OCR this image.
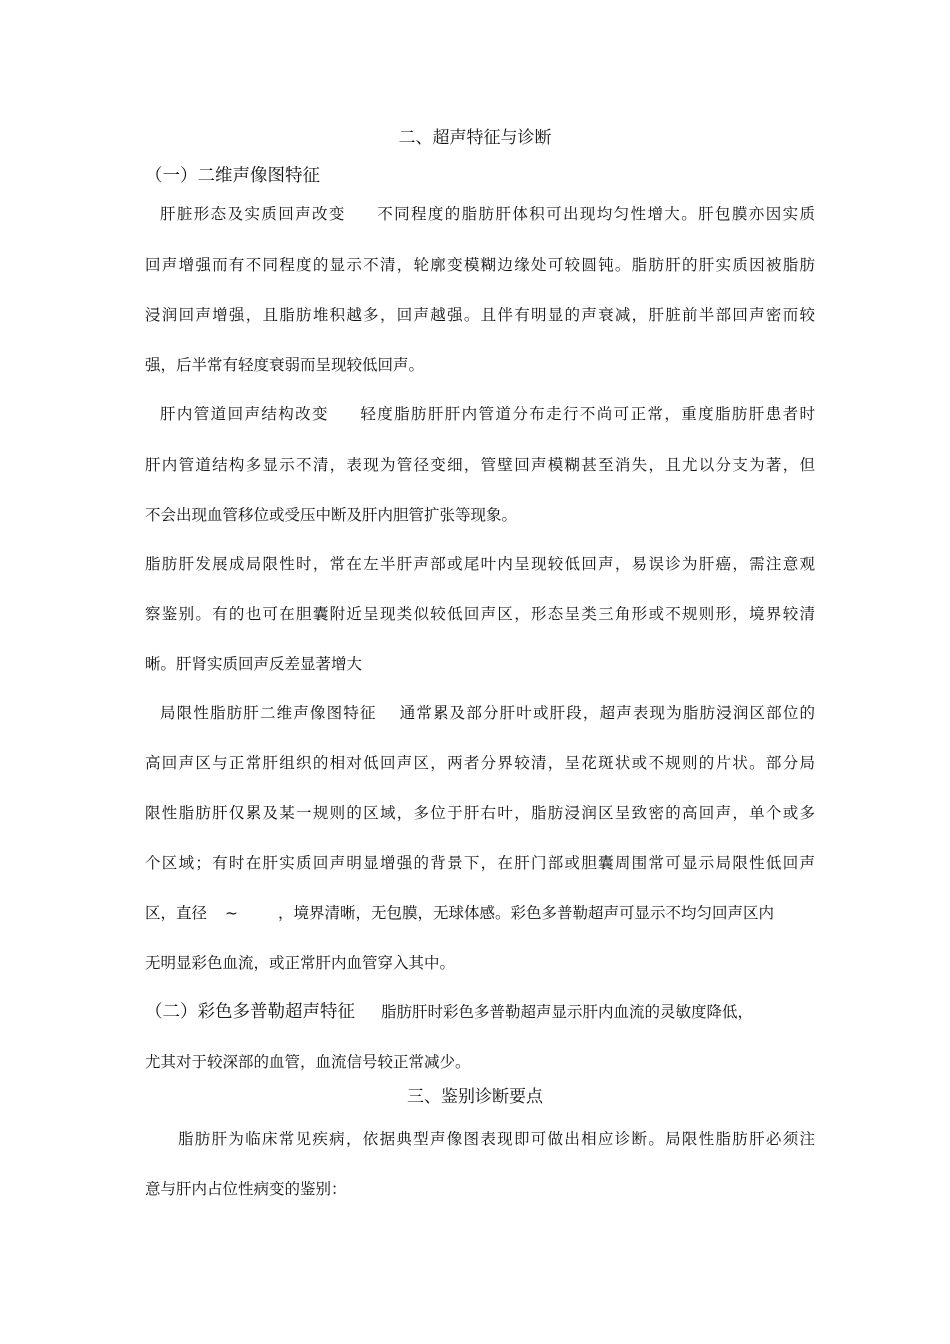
二、超声特征与诊断
（一）二维声像图特征
肝脏形态及实质回声改变 不同程度的脂肪肝体积可出现均匀性增大。肝包膜亦因实质
回声增强而有不同程度的显示不清，轮廓变模糊边缘处可较圆钝。脂肪肝的肝实质因被脂肪
浸润回声增强，且脂肪堆积越多，回声越强。且伴有明显的声衰减，肝脏前半部回声密而较
强，后半常有轻度衰弱而呈现较低回声。
肝内管道回声结构改变 轻度脂肪肝肝内管道分布走行不尚可正常，重度脂肪肝患者时
肝内管道结构多显示不清，表现为管径变细，管壁回声模糊甚至消失，且尤以分支为著，但
不会出现血管移位或受压中断及肝内胆管扩张等现象。
脂肪肝发展成局限性时，常在左半肝声部或尾叶内呈现较低回声，易误诊为肝癌，需注意观
察鉴别。有的也可在胆囊附近呈现类似较低回声区，形态呈类三角形或不规则形，境界较清
晰。肝肾实质回声反差显著增大
局限性脂肪肝二维声像图特征 通常累及部分肝叶或肝段，超声表现为脂肪浸润区部位的
高回声区与正常肝组织的相对低回声区，两者分界较清，呈花斑状或不规则的片状。部分局
限性脂肪肝仅累及某一规则的区域，多位于肝右叶，脂肪浸润区呈致密的高回声，单个或多
个区域；有时在肝实质回声明显增强的背景下，在肝门部或胆囊周围常可显示局限性低回声
区，直径 ~	，境界清晰，无包膜，无球体感。彩色多普勒超声可显示不均匀回声区内
无明显彩色血流，或正常肝内血管穿入其中。
（二）彩色多普勒超声特征 脂肪肝时彩色多普勒超声显示肝内血流的灵敏度降低，
尤其对于较深部的血管，血流信号较正常减少。
三、鉴别诊断要点
脂肪肝为临床常见疾病，依据典型声像图表现即可做出相应诊断。局限性脂肪肝必须注
意与肝内占位性病变的鉴别：
